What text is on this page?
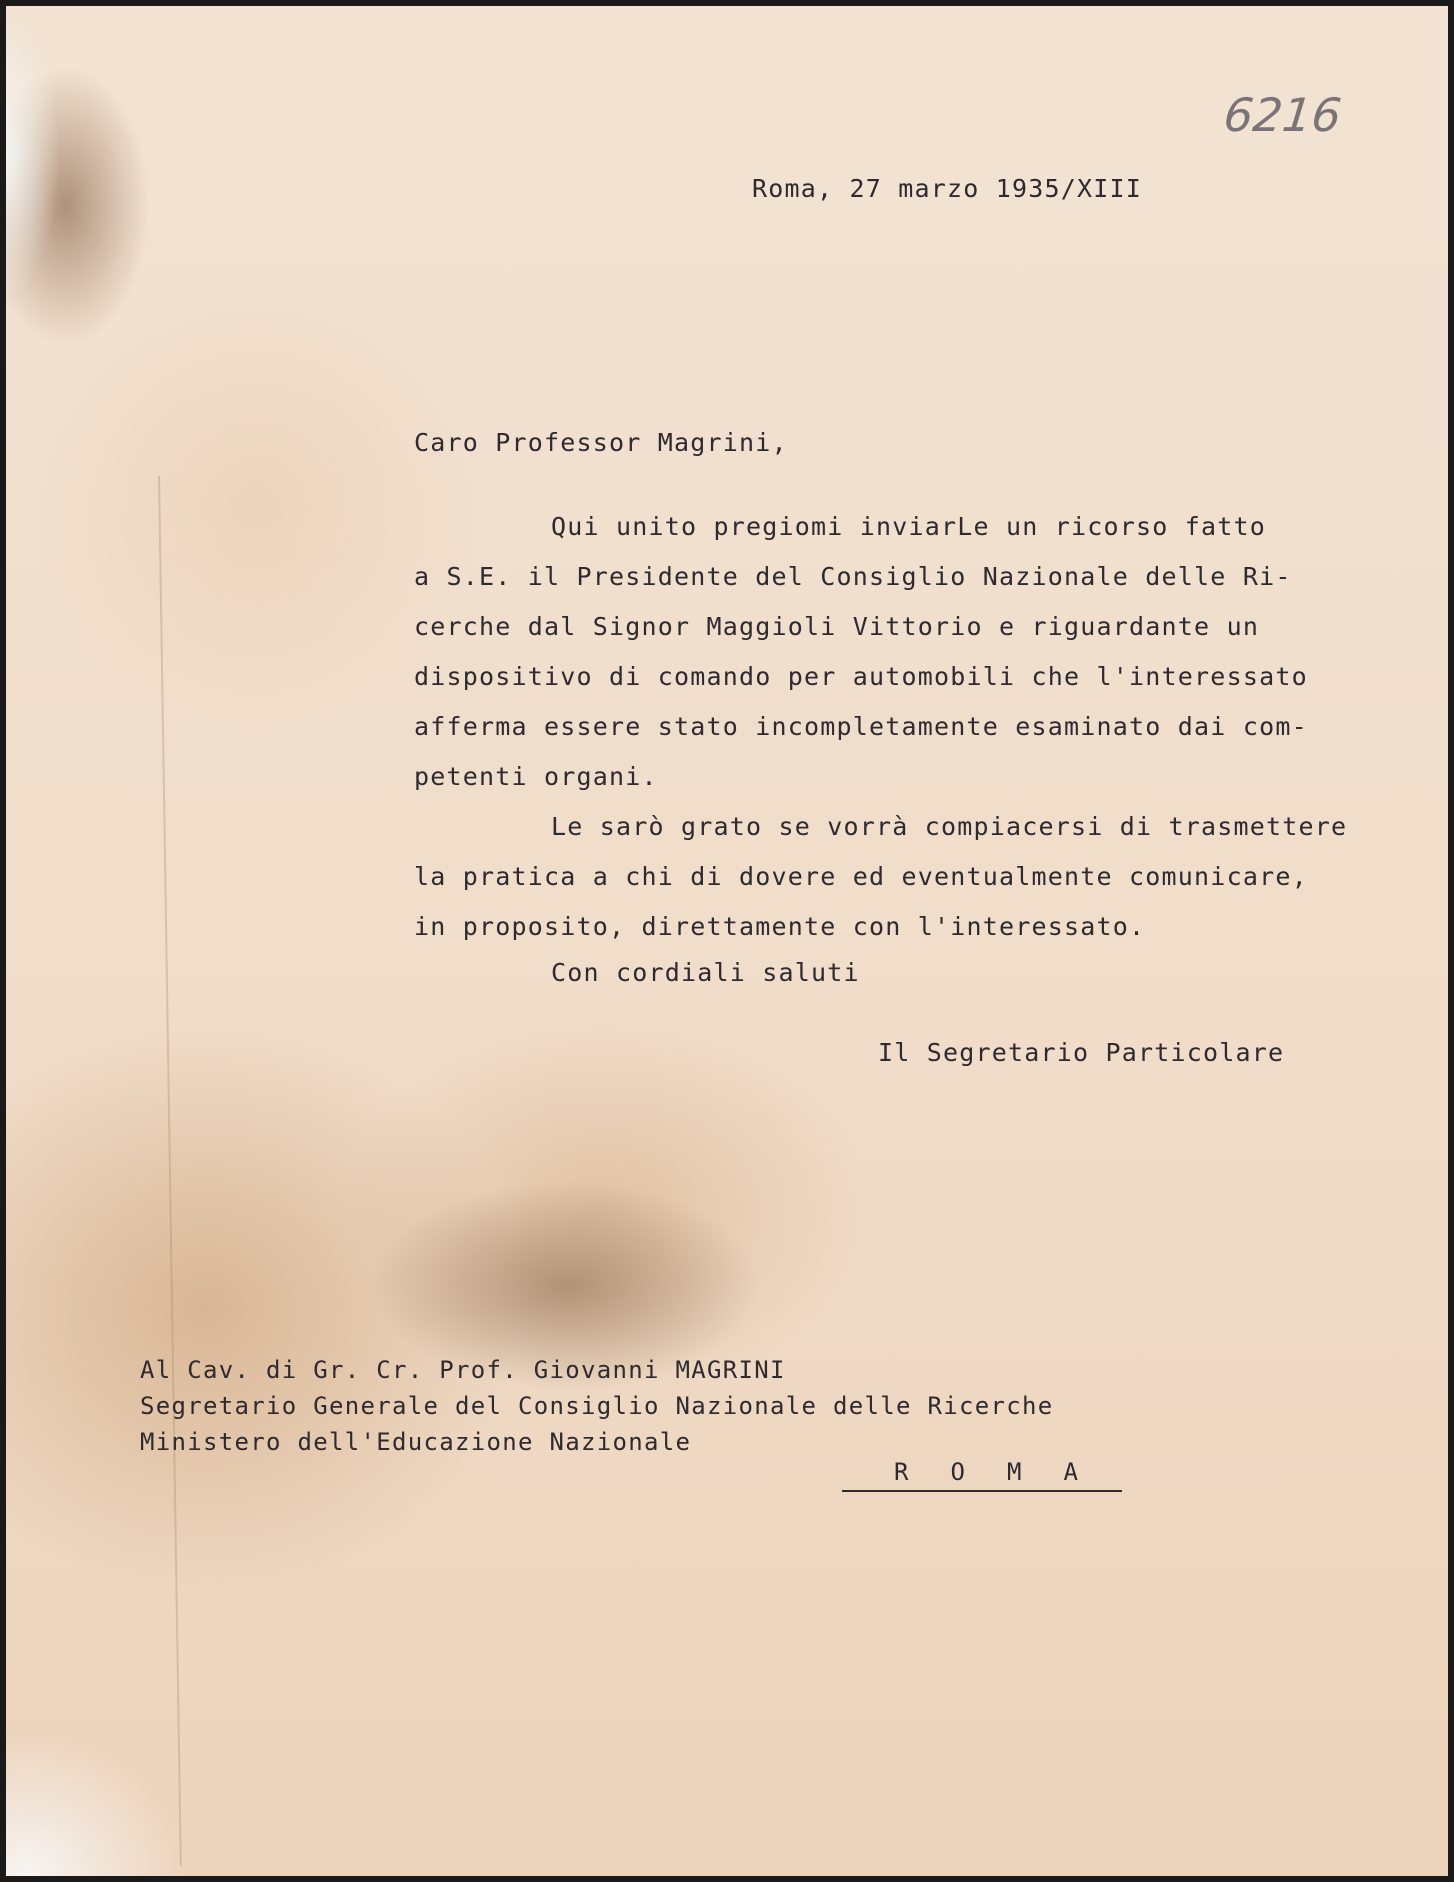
6216
Roma, 27 marzo 1935/XIII
Caro Professor Magrini,
Qui unito pregiomi inviarLe un ricorso fatto
a S.E. il Presidente del Consiglio Nazionale delle Ri-
cerche dal Signor Maggioli Vittorio e riguardante un
dispositivo di comando per automobili che l'interessato
afferma essere stato incompletamente esaminato dai com-
petenti organi.
Le sarò grato se vorrà compiacersi di trasmettere
la pratica a chi di dovere ed eventualmente comunicare,
in proposito, direttamente con l'interessato.
Con cordiali saluti
Il Segretario Particolare
Al Cav. di Gr. Cr. Prof. Giovanni MAGRINI
Segretario Generale del Consiglio Nazionale delle Ricerche
Ministero dell'Educazione Nazionale
R O M A
